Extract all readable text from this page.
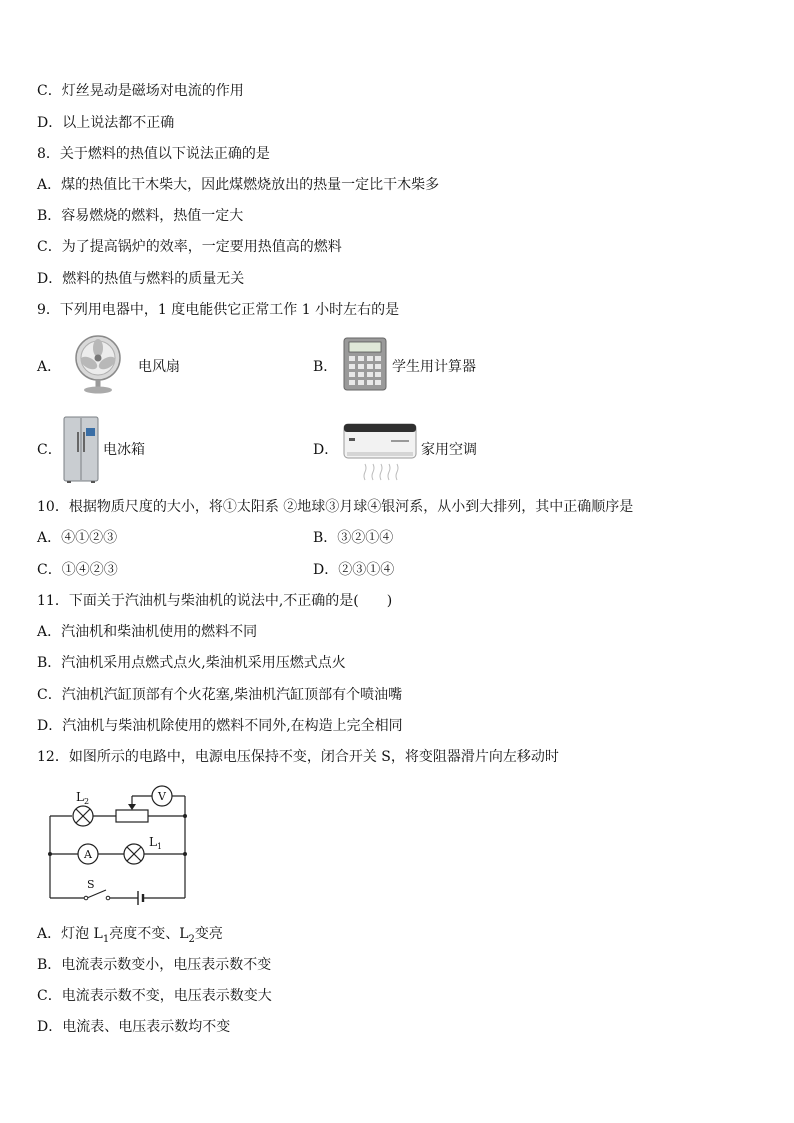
C．灯丝晃动是磁场对电流的作用
D．以上说法都不正确
8．关于燃料的热值以下说法正确的是
A．煤的热值比干木柴大，因此煤燃烧放出的热量一定比干木柴多
B．容易燃烧的燃料，热值一定大
C．为了提高锅炉的效率，一定要用热值高的燃料
D．燃料的热值与燃料的质量无关
9．下列用电器中，1 度电能供它正常工作 1 小时左右的是
A．	电风扇	B．	学生用计算器
C．	电冰箱	D．	家用空调
10．根据物质尺度的大小，将①太阳系 ②地球③月球④银河系，从小到大排列，其中正确顺序是
A．④①②③	B．③②①④
C．①④②③	D．②③①④
11．下面关于汽油机与柴油机的说法中,不正确的是(　　)
A．汽油机和柴油机使用的燃料不同
B．汽油机采用点燃式点火,柴油机采用压燃式点火
C．汽油机汽缸顶部有个火花塞,柴油机汽缸顶部有个喷油嘴
D．汽油机与柴油机除使用的燃料不同外,在构造上完全相同
12．如图所示的电路中，电源电压保持不变，闭合开关 S，将变阻器滑片向左移动时
$L_2$	V
A
$L_1$
S
A．灯泡 $L_1$亮度不变、$L_2$变亮
B．电流表示数变小，电压表示数不变
C．电流表示数不变，电压表示数变大
D．电流表、电压表示数均不变
